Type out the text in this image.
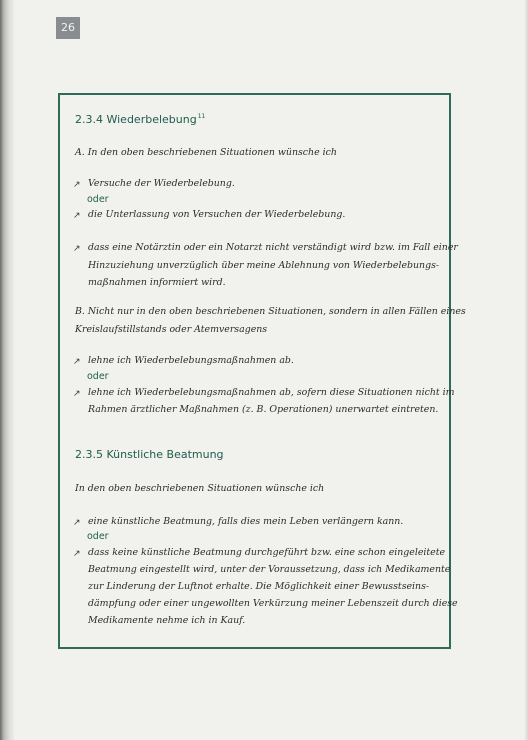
26
2.3.4 Wiederbelebung$^{11}$
A. In den oben beschriebenen Situationen wünsche ich
↗ Versuche der Wiederbelebung.
oder
↗ die Unterlassung von Versuchen der Wiederbelebung.
↗ dass eine Notärztin oder ein Notarzt nicht verständigt wird bzw. im Fall einer
Hinzuziehung unverzüglich über meine Ablehnung von Wiederbelebungs-
maßnahmen informiert wird.
B. Nicht nur in den oben beschriebenen Situationen, sondern in allen Fällen eines
Kreislaufstillstands oder Atemversagens
↗ lehne ich Wiederbelebungsmaßnahmen ab.
oder
↗ lehne ich Wiederbelebungsmaßnahmen ab, sofern diese Situationen nicht im
Rahmen ärztlicher Maßnahmen (z. B. Operationen) unerwartet eintreten.
2.3.5 Künstliche Beatmung
In den oben beschriebenen Situationen wünsche ich
↗ eine künstliche Beatmung, falls dies mein Leben verlängern kann.
oder
↗ dass keine künstliche Beatmung durchgeführt bzw. eine schon eingeleitete
Beatmung eingestellt wird, unter der Voraussetzung, dass ich Medikamente
zur Linderung der Luftnot erhalte. Die Möglichkeit einer Bewusstseins-
dämpfung oder einer ungewollten Verkürzung meiner Lebenszeit durch diese
Medikamente nehme ich in Kauf.
